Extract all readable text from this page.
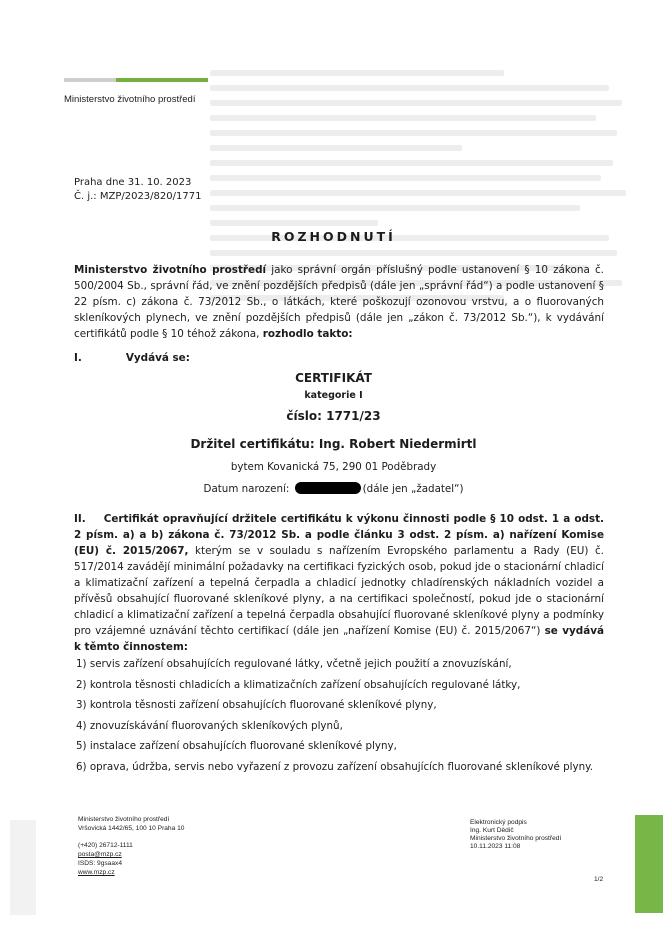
Ministerstvo životního prostředí
Praha dne 31. 10. 2023
Č. j.: MZP/2023/820/1771
ROZHODNUTÍ
Ministerstvo životního prostředí jako správní orgán příslušný podle ustanovení § 10 zákona č. 500/2004 Sb., správní řád, ve znění pozdějších předpisů (dále jen „správní řád“) a podle ustanovení § 22 písm. c) zákona č. 73/2012 Sb., o látkách, které poškozují ozonovou vrstvu, a o fluorovaných skleníkových plynech, ve znění pozdějších předpisů (dále jen „zákon č. 73/2012 Sb.“), k vydávání certifikátů podle § 10 téhož zákona, rozhodlo takto:
I.	Vydává se:
CERTIFIKÁT
kategorie I
číslo: 1771/23
Držitel certifikátu: Ing. Robert Niedermirtl
bytem Kovanická 75, 290 01 Poděbrady
Datum narození:	(dále jen „žadatel“)
II. Certifikát opravňující držitele certifikátu k výkonu činnosti podle § 10 odst. 1 a odst. 2 písm. a) a b) zákona č. 73/2012 Sb. a podle článku 3 odst. 2 písm. a) nařízení Komise (EU) č. 2015/2067, kterým se v souladu s nařízením Evropského parlamentu a Rady (EU) č. 517/2014 zavádějí minimální požadavky na certifikaci fyzických osob, pokud jde o stacionární chladicí a klimatizační zařízení a tepelná čerpadla a chladicí jednotky chladírenských nákladních vozidel a přívěsů obsahující fluorované skleníkové plyny, a na certifikaci společností, pokud jde o stacionární chladicí a klimatizační zařízení a tepelná čerpadla obsahující fluorované skleníkové plyny a podmínky pro vzájemné uznávání těchto certifikací (dále jen „nařízení Komise (EU) č. 2015/2067“) se vydává k těmto činnostem:
1) servis zařízení obsahujících regulované látky, včetně jejich použití a znovuzískání,
2) kontrola těsnosti chladicích a klimatizačních zařízení obsahujících regulované látky,
3) kontrola těsnosti zařízení obsahujících fluorované skleníkové plyny,
4) znovuzískávání fluorovaných skleníkových plynů,
5) instalace zařízení obsahujících fluorované skleníkové plyny,
6) oprava, údržba, servis nebo vyřazení z provozu zařízení obsahujících fluorované skleníkové plyny.
Ministerstvo životního prostředí
Vršovická 1442/65, 100 10 Praha 10
(+420) 26712-1111
posta@mzp.cz
ISDS: 9gsaax4
www.mzp.cz
Elektronický podpis
Ing. Kurt Dědič
Ministerstvo životního prostředí
10.11.2023 11:08
1/2
